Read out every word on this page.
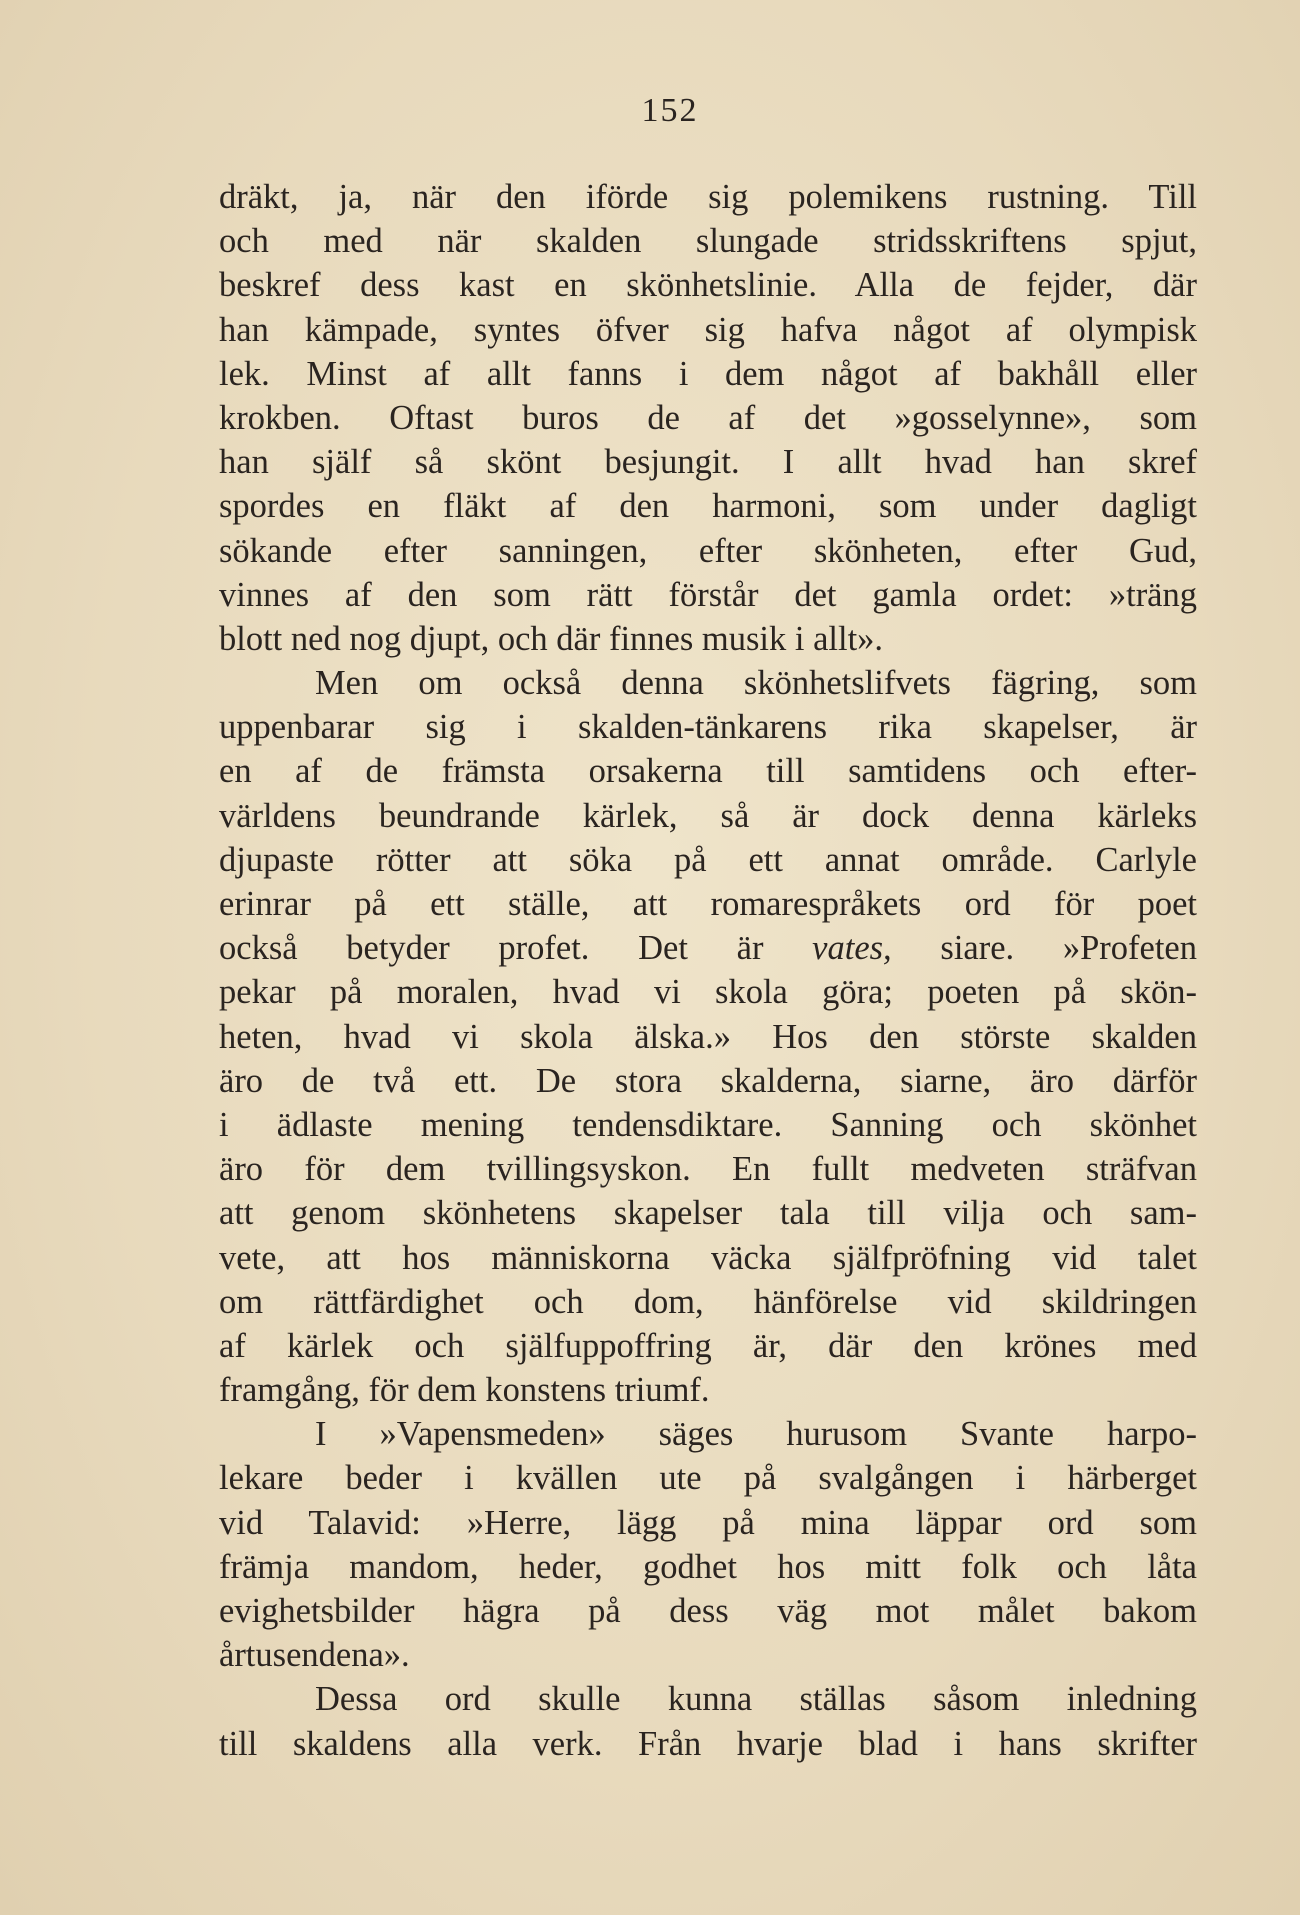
152
dräkt, ja, när den iförde sig polemikens rustning. Till
och med när skalden slungade stridsskriftens spjut,
beskref dess kast en skönhetslinie. Alla de fejder, där
han kämpade, syntes öfver sig hafva något af olympisk
lek. Minst af allt fanns i dem något af bakhåll eller
krokben. Oftast buros de af det »gosselynne», som
han själf så skönt besjungit. I allt hvad han skref
spordes en fläkt af den harmoni, som under dagligt
sökande efter sanningen, efter skönheten, efter Gud,
vinnes af den som rätt förstår det gamla ordet: »träng
blott ned nog djupt, och där finnes musik i allt».
Men om också denna skönhetslifvets fägring, som
uppenbarar sig i skalden-tänkarens rika skapelser, är
en af de främsta orsakerna till samtidens och efter-
världens beundrande kärlek, så är dock denna kärleks
djupaste rötter att söka på ett annat område. Carlyle
erinrar på ett ställe, att romarespråkets ord för poet
också betyder profet. Det är vates, siare. »Profeten
pekar på moralen, hvad vi skola göra; poeten på skön-
heten, hvad vi skola älska.» Hos den störste skalden
äro de två ett. De stora skalderna, siarne, äro därför
i ädlaste mening tendensdiktare. Sanning och skönhet
äro för dem tvillingsyskon. En fullt medveten sträfvan
att genom skönhetens skapelser tala till vilja och sam-
vete, att hos människorna väcka själfpröfning vid talet
om rättfärdighet och dom, hänförelse vid skildringen
af kärlek och själfuppoffring är, där den krönes med
framgång, för dem konstens triumf.
I »Vapensmeden» säges hurusom Svante harpo-
lekare beder i kvällen ute på svalgången i härberget
vid Talavid: »Herre, lägg på mina läppar ord som
främja mandom, heder, godhet hos mitt folk och låta
evighetsbilder hägra på dess väg mot målet bakom
årtusendena».
Dessa ord skulle kunna ställas såsom inledning
till skaldens alla verk. Från hvarje blad i hans skrifter
